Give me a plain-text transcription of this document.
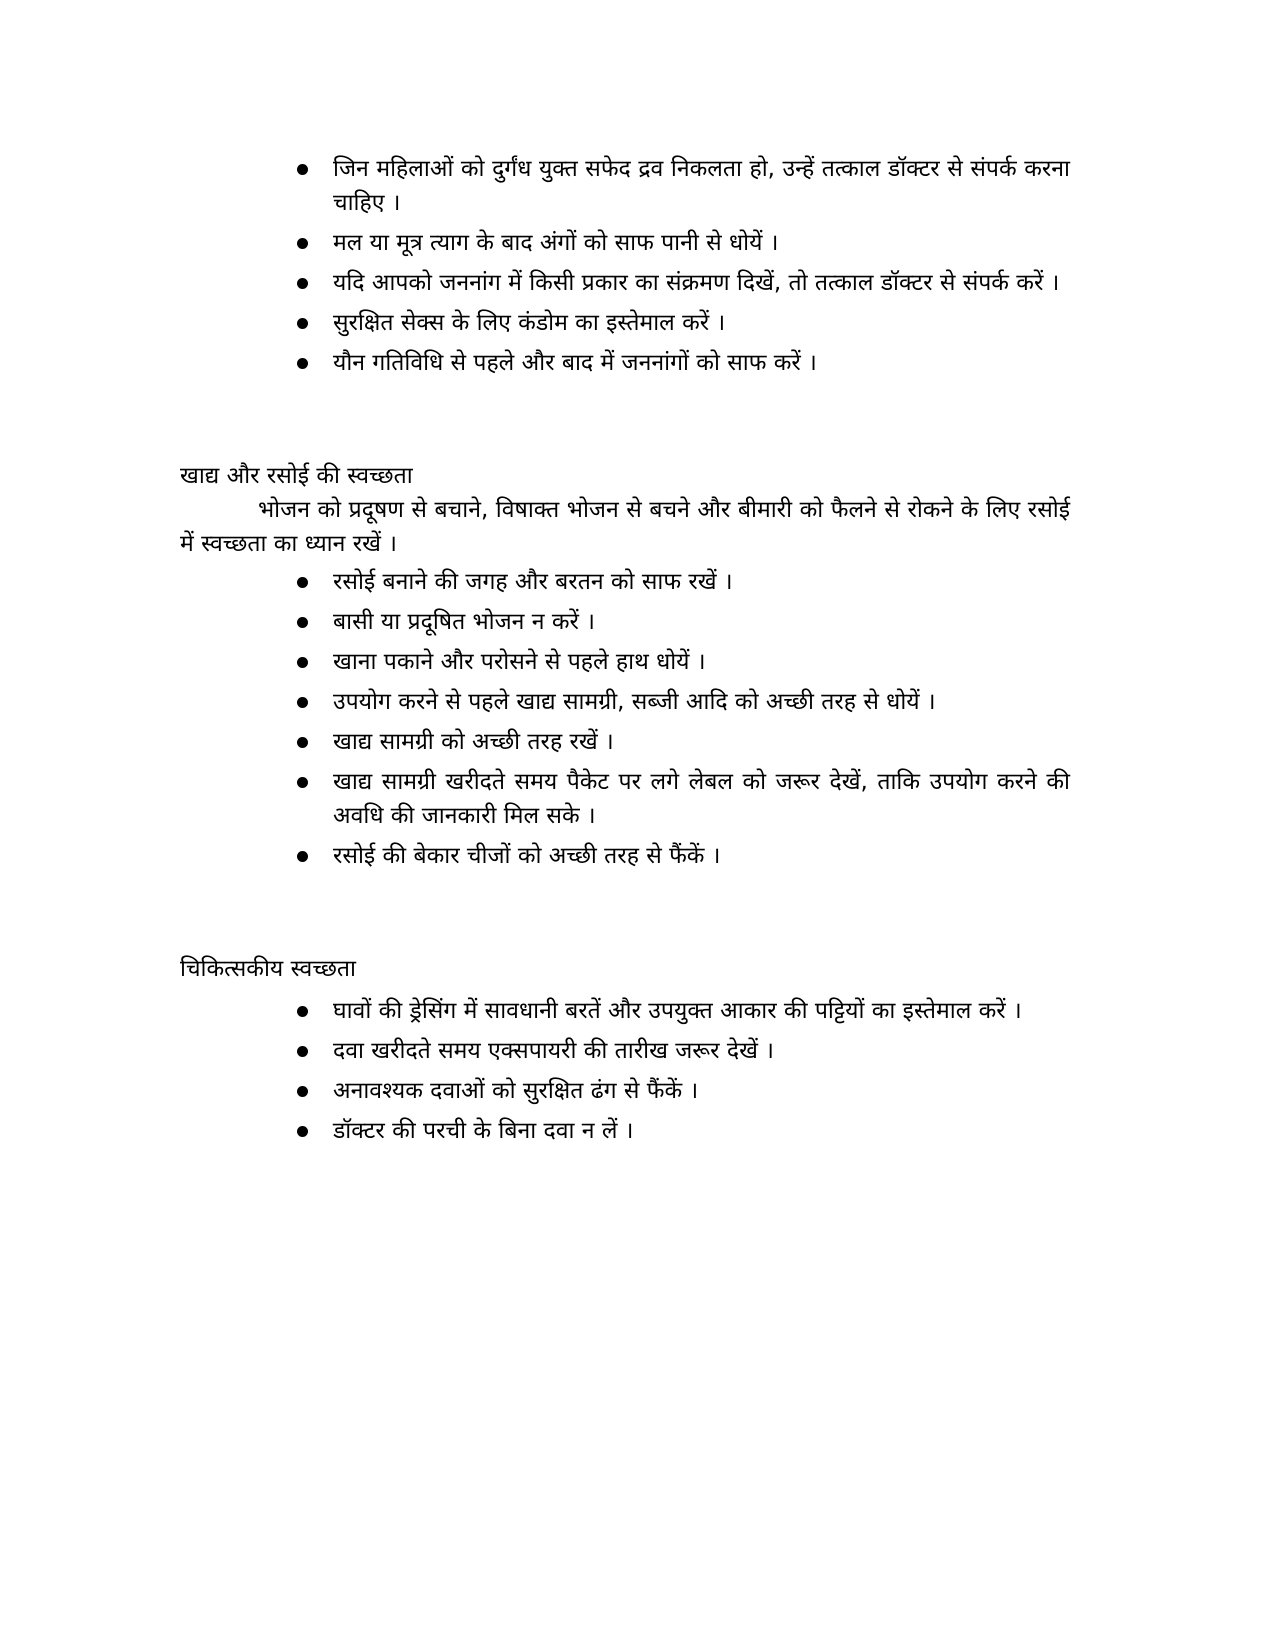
जिन महिलाओं को दुर्गंध युक्त सफेद द्रव निकलता हो, उन्हें तत्काल डॉक्टर से संपर्क करना चाहिए ।
मल या मूत्र त्याग के बाद अंगों को साफ पानी से धोयें ।
यदि आपको जननांग में किसी प्रकार का संक्रमण दिखें, तो तत्काल डॉक्टर से संपर्क करें ।
सुरक्षित सेक्स के लिए कंडोम का इस्तेमाल करें ।
यौन गतिविधि से पहले और बाद में जननांगों को साफ करें ।
खाद्य और रसोई की स्वच्छता

भोजन को प्रदूषण से बचाने, विषाक्त भोजन से बचने और बीमारी को फैलने से रोकने के लिए रसोई में स्वच्छता का ध्यान रखें ।

रसोई बनाने की जगह और बरतन को साफ रखें ।
बासी या प्रदूषित भोजन न करें ।
खाना पकाने और परोसने से पहले हाथ धोयें ।
उपयोग करने से पहले खाद्य सामग्री, सब्जी आदि को अच्छी तरह से धोयें ।
खाद्य सामग्री को अच्छी तरह रखें ।
खाद्य सामग्री खरीदते समय पैकेट पर लगे लेबल को जरूर देखें, ताकि उपयोग करने की अवधि की जानकारी मिल सके ।
रसोई की बेकार चीजों को अच्छी तरह से फैंकें ।
चिकित्सकीय स्वच्छता
घावों की ड्रेसिंग में सावधानी बरतें और उपयुक्त आकार की पट्टियों का इस्तेमाल करें ।
दवा खरीदते समय एक्सपायरी की तारीख जरूर देखें ।
अनावश्यक दवाओं को सुरक्षित ढंग से फैंकें ।
डॉक्टर की परची के बिना दवा न लें ।
